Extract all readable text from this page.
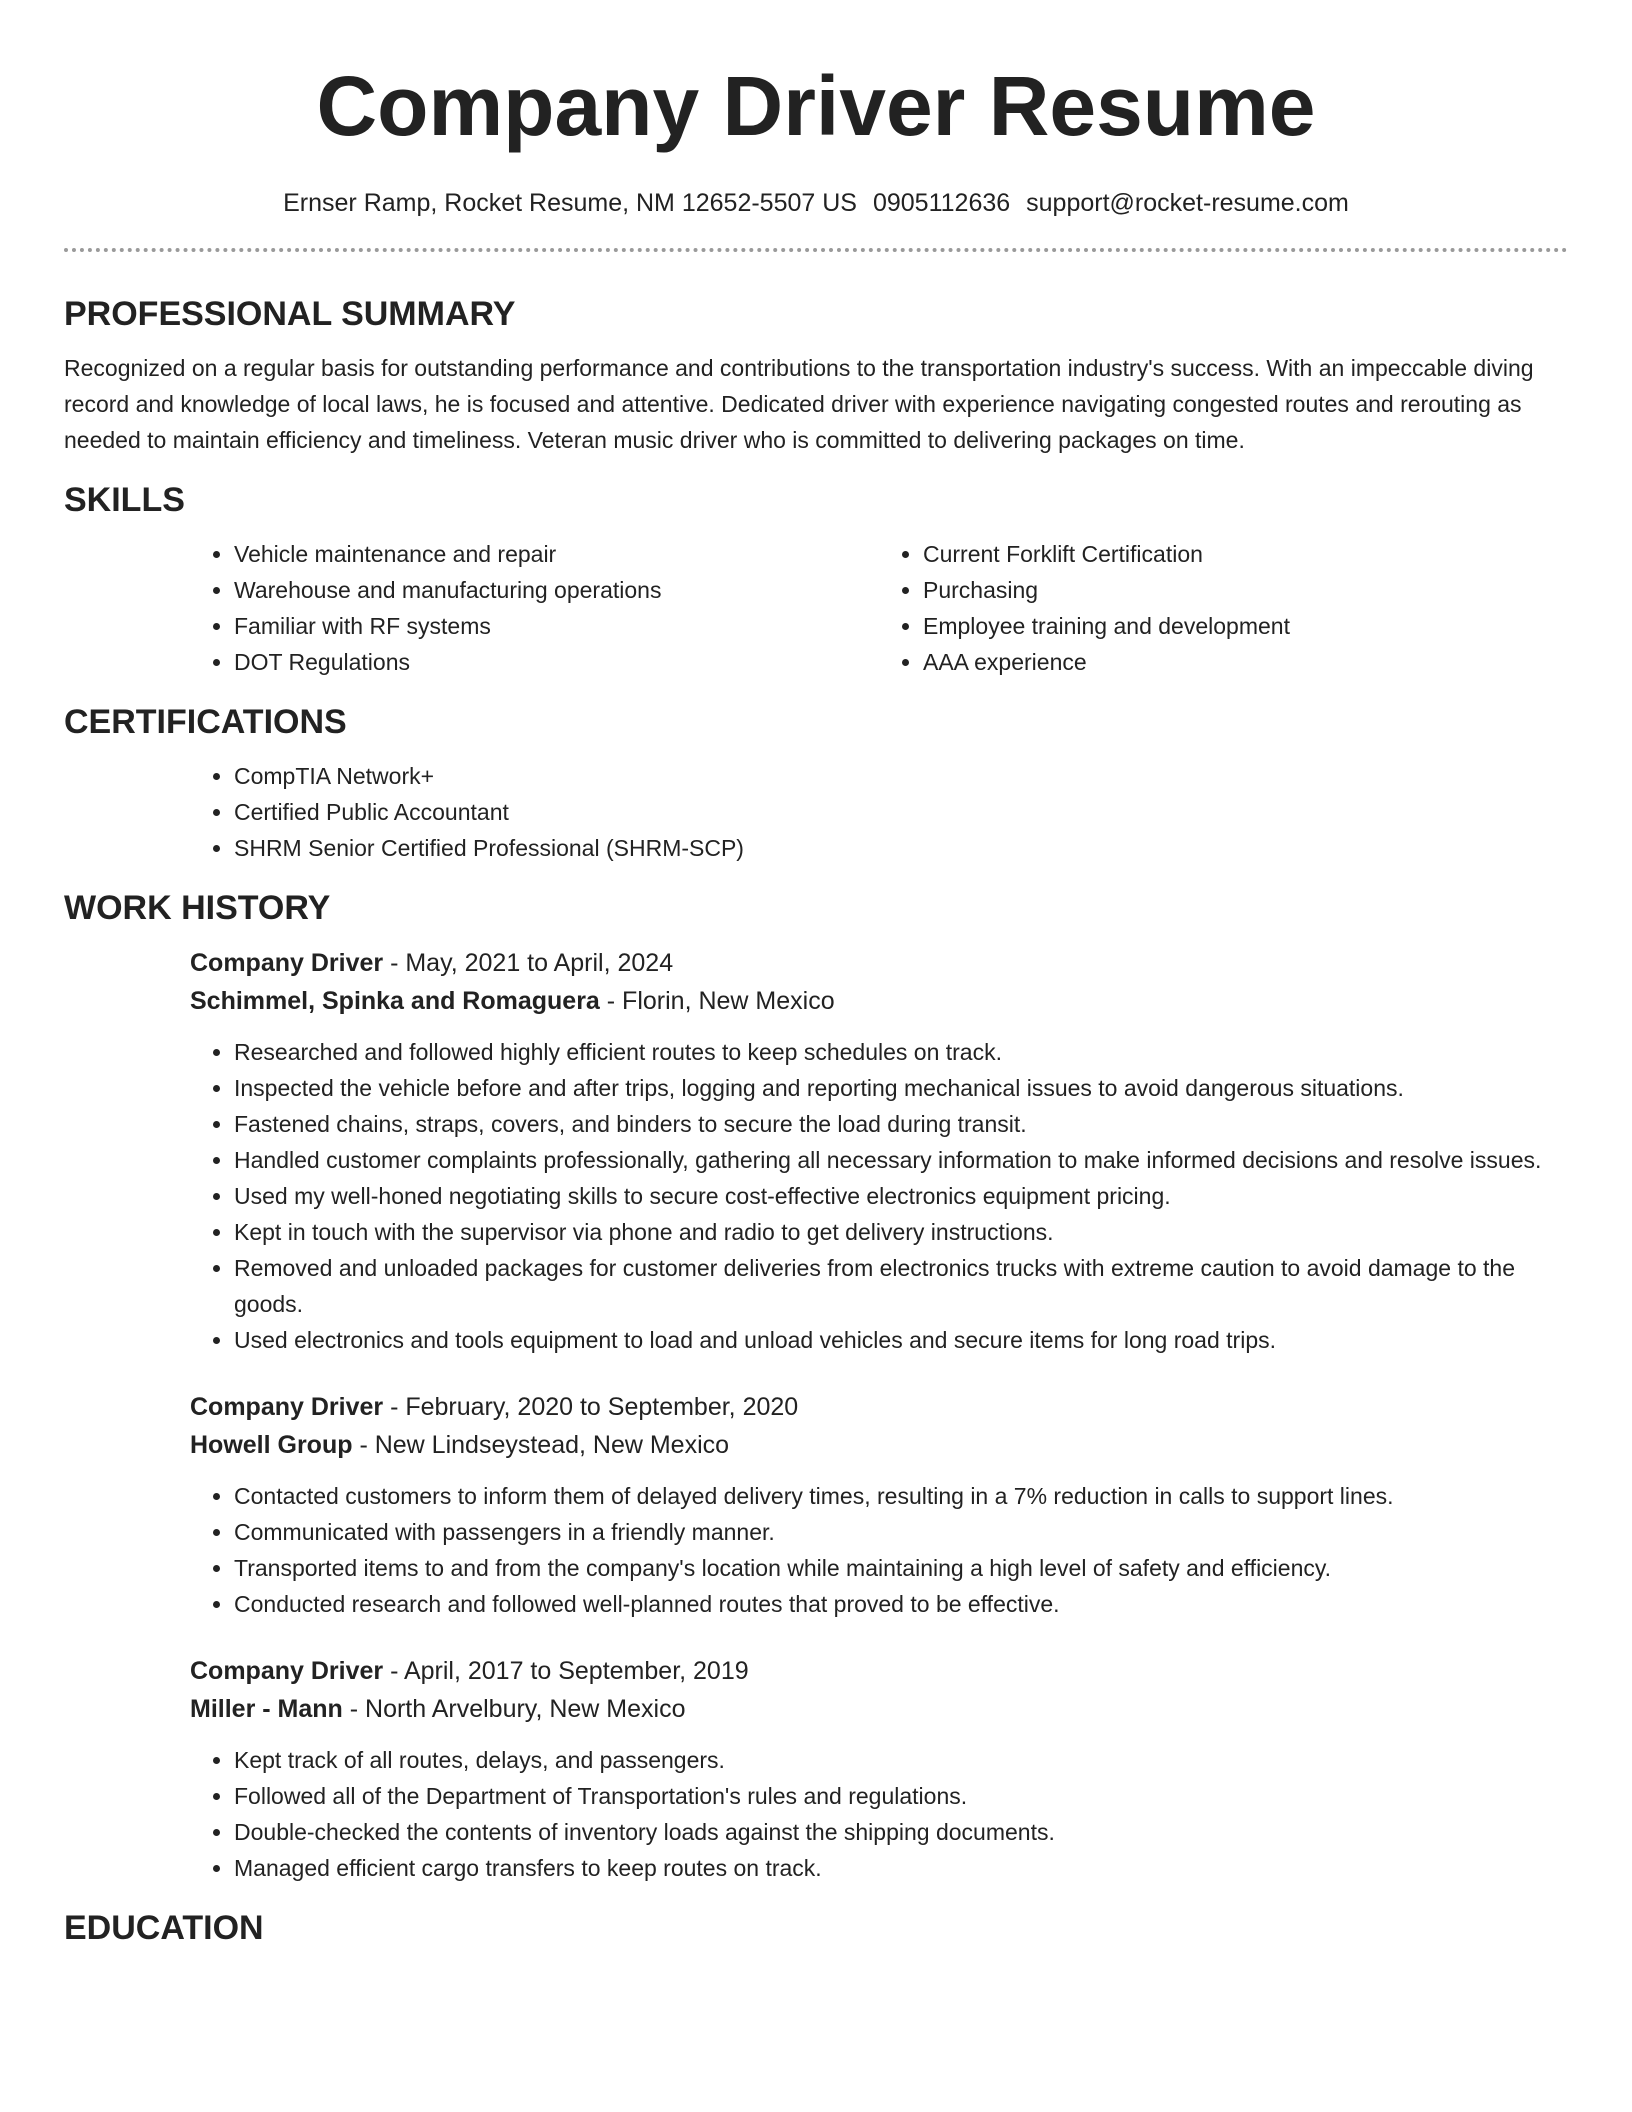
Company Driver Resume
Ernser Ramp, Rocket Resume, NM 12652-5507 US 0905112636 support@rocket-resume.com
PROFESSIONAL SUMMARY

Recognized on a regular basis for outstanding performance and contributions to the transportation industry's success. With an impeccable diving record and knowledge of local laws, he is focused and attentive. Dedicated driver with experience navigating congested routes and rerouting as needed to maintain efficiency and timeliness. Veteran music driver who is committed to delivering packages on time.

SKILLS
• Vehicle maintenance and repair
• Warehouse and manufacturing operations
• Familiar with RF systems
• DOT Regulations
• Current Forklift Certification
• Purchasing
• Employee training and development
• AAA experience
CERTIFICATIONS
• CompTIA Network+
• Certified Public Accountant
• SHRM Senior Certified Professional (SHRM-SCP)
WORK HISTORY
Company Driver - May, 2021 to April, 2024
Schimmel, Spinka and Romaguera - Florin, New Mexico
• Researched and followed highly efficient routes to keep schedules on track.
• Inspected the vehicle before and after trips, logging and reporting mechanical issues to avoid dangerous situations.
• Fastened chains, straps, covers, and binders to secure the load during transit.
• Handled customer complaints professionally, gathering all necessary information to make informed decisions and resolve issues.
• Used my well-honed negotiating skills to secure cost-effective electronics equipment pricing.
• Kept in touch with the supervisor via phone and radio to get delivery instructions.
• Removed and unloaded packages for customer deliveries from electronics trucks with extreme caution to avoid damage to the goods.
• Used electronics and tools equipment to load and unload vehicles and secure items for long road trips.
Company Driver - February, 2020 to September, 2020
Howell Group - New Lindseystead, New Mexico
• Contacted customers to inform them of delayed delivery times, resulting in a 7% reduction in calls to support lines.
• Communicated with passengers in a friendly manner.
• Transported items to and from the company's location while maintaining a high level of safety and efficiency.
• Conducted research and followed well-planned routes that proved to be effective.
Company Driver - April, 2017 to September, 2019
Miller - Mann - North Arvelbury, New Mexico
• Kept track of all routes, delays, and passengers.
• Followed all of the Department of Transportation's rules and regulations.
• Double-checked the contents of inventory loads against the shipping documents.
• Managed efficient cargo transfers to keep routes on track.
EDUCATION
